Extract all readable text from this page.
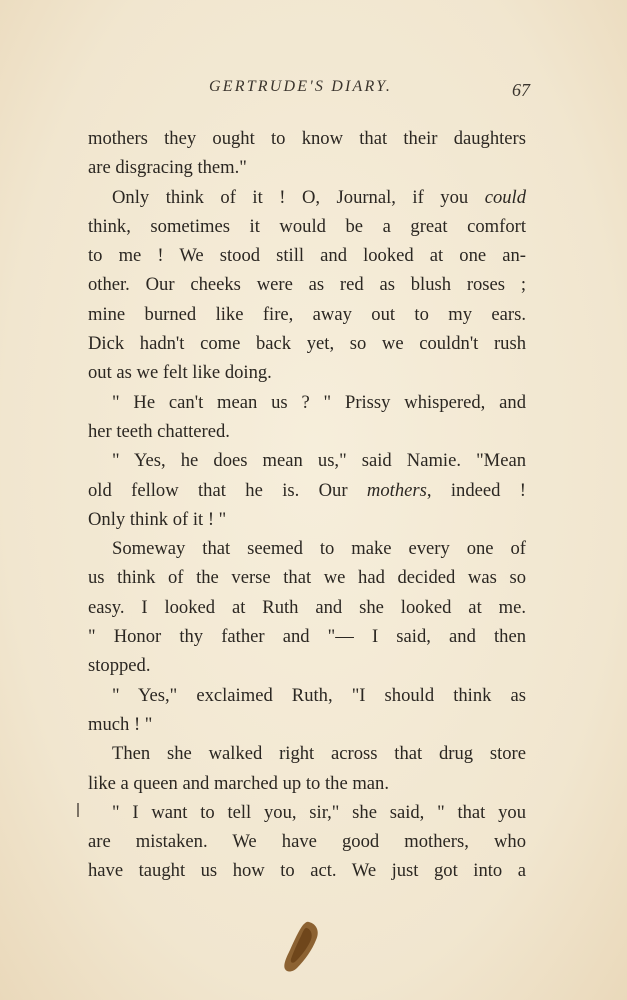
GERTRUDE'S DIARY.	67
mothers they ought to know that their daughters
are disgracing them."
Only think of it ! O, Journal, if you could
think, sometimes it would be a great comfort
to me ! We stood still and looked at one an-
other. Our cheeks were as red as blush roses ;
mine burned like fire, away out to my ears.
Dick hadn't come back yet, so we couldn't rush
out as we felt like doing.
" He can't mean us ? " Prissy whispered, and
her teeth chattered.
" Yes, he does mean us," said Namie. "Mean
old fellow that he is. Our mothers, indeed !
Only think of it ! "
Someway that seemed to make every one of
us think of the verse that we had decided was so
easy. I looked at Ruth and she looked at me.
" Honor thy father and "— I said, and then
stopped.
" Yes," exclaimed Ruth, "I should think as
much ! "
Then she walked right across that drug store
like a queen and marched up to the man.
" I want to tell you, sir," she said, " that you
are mistaken. We have good mothers, who
have taught us how to act. We just got into a
